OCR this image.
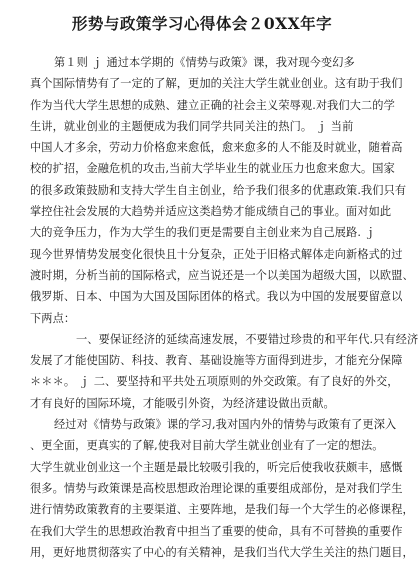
形势与政策学习心得体会２0XX年字
第１则 ｊ 通过本学期的《情势与政策》课，我对现今变幻多
真个国际情势有了一定的了解，更加的关注大学生就业创业。这有助于我们
作为当代大学生思想的成熟、建立正确的社会主义荣辱观.对我们大二的学
生讲，就业创业的主题便成为我们同学共同关注的热门。 ｊ 当前
中国人才多余，劳动力价格愈来愈低，愈来愈多的人不能及时就业，随着高
校的扩招，金融危机的攻击,当前大学毕业生的就业压力也愈来愈大。国家
的很多政策鼓励和支持大学生自主创业，给予我们很多的优惠政策.我们只有
掌控住社会发展的大趋势并适应这类趋势才能成绩自己的事业。面对如此
大的竞争压力，作为大学生的我们更是需要自主创业来为自己展路. ｊ
现今世界情势发展变化很快且十分复杂，正处于旧格式解体走向新格式的过
渡时期，分析当前的国际格式，应当说还是一个以美国为超级大国，以欧盟、
俄罗斯、日本、中国为大国及国际团体的格式。我以为中国的发展要留意以
下两点：
一、要保证经济的延续高速发展，不要错过珍贵的和平年代.只有经济
发展了才能使国防、科技、教育、基础设施等方面得到进步，才能充分保障
＊＊＊。 ｊ 二、要坚持和平共处五项原则的外交政策。有了良好的外交，
才有良好的国际环境，才能吸引外资，为经济建设做出贡献。
经过对《情势与政策》课的学习,我对国内外的情势与政策有了更深入
、更全面，更真实的了解,使我对目前大学生就业创业有了一定的想法。
大学生就业创业这一个主题是最比较吸引我的，听完后使我收获颇丰，感慨
很多。情势与政策课是高校思想政治理论课的重要组成部份，是对我们学生
进行情势政策教育的主要渠道、主要阵地，是我们每一个大学生的必修课程，
在我们大学生的思想政治教育中担当了重要的使命，具有不可替换的重要作
用，更好地贯彻落实了中心的有关精神，是我们当代大学生关注的热门题目，
